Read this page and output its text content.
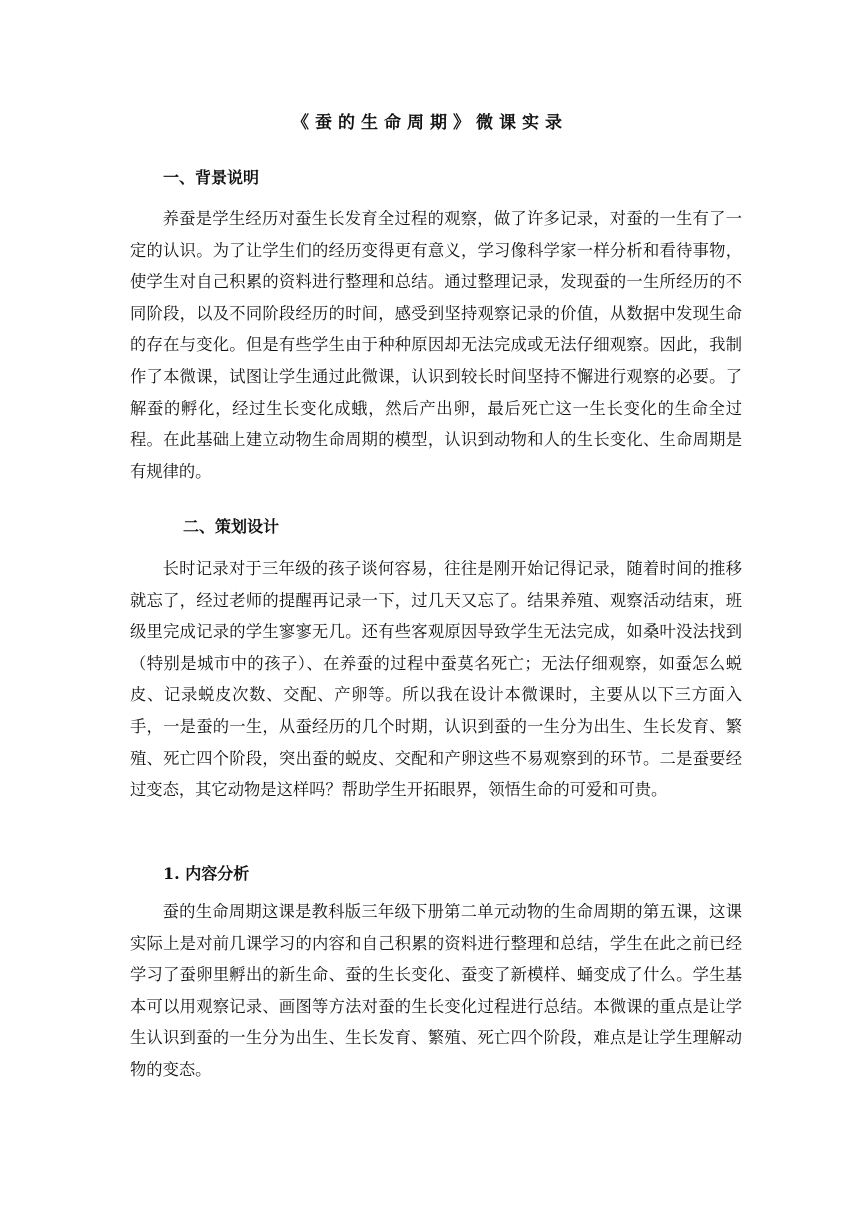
《蚕的生命周期》微课实录
一、背景说明

养蚕是学生经历对蚕生长发育全过程的观察，做了许多记录，对蚕的一生有了一定的认识。为了让学生们的经历变得更有意义，学习像科学家一样分析和看待事物，使学生对自己积累的资料进行整理和总结。通过整理记录，发现蚕的一生所经历的不同阶段，以及不同阶段经历的时间，感受到坚持观察记录的价值，从数据中发现生命的存在与变化。但是有些学生由于种种原因却无法完成或无法仔细观察。因此，我制作了本微课，试图让学生通过此微课，认识到较长时间坚持不懈进行观察的必要。了解蚕的孵化，经过生长变化成蛾，然后产出卵，最后死亡这一生长变化的生命全过程。在此基础上建立动物生命周期的模型，认识到动物和人的生长变化、生命周期是有规律的。

二、策划设计

长时记录对于三年级的孩子谈何容易，往往是刚开始记得记录，随着时间的推移就忘了，经过老师的提醒再记录一下，过几天又忘了。结果养殖、观察活动结束，班级里完成记录的学生寥寥无几。还有些客观原因导致学生无法完成，如桑叶没法找到（特别是城市中的孩子）、在养蚕的过程中蚕莫名死亡；无法仔细观察，如蚕怎么蜕皮、记录蜕皮次数、交配、产卵等。所以我在设计本微课时，主要从以下三方面入手，一是蚕的一生，从蚕经历的几个时期，认识到蚕的一生分为出生、生长发育、繁殖、死亡四个阶段，突出蚕的蜕皮、交配和产卵这些不易观察到的环节。二是蚕要经过变态，其它动物是这样吗？帮助学生开拓眼界，领悟生命的可爱和可贵。

1. 内容分析

蚕的生命周期这课是教科版三年级下册第二单元动物的生命周期的第五课，这课实际上是对前几课学习的内容和自己积累的资料进行整理和总结，学生在此之前已经学习了蚕卵里孵出的新生命、蚕的生长变化、蚕变了新模样、蛹变成了什么。学生基本可以用观察记录、画图等方法对蚕的生长变化过程进行总结。本微课的重点是让学生认识到蚕的一生分为出生、生长发育、繁殖、死亡四个阶段，难点是让学生理解动物的变态。
